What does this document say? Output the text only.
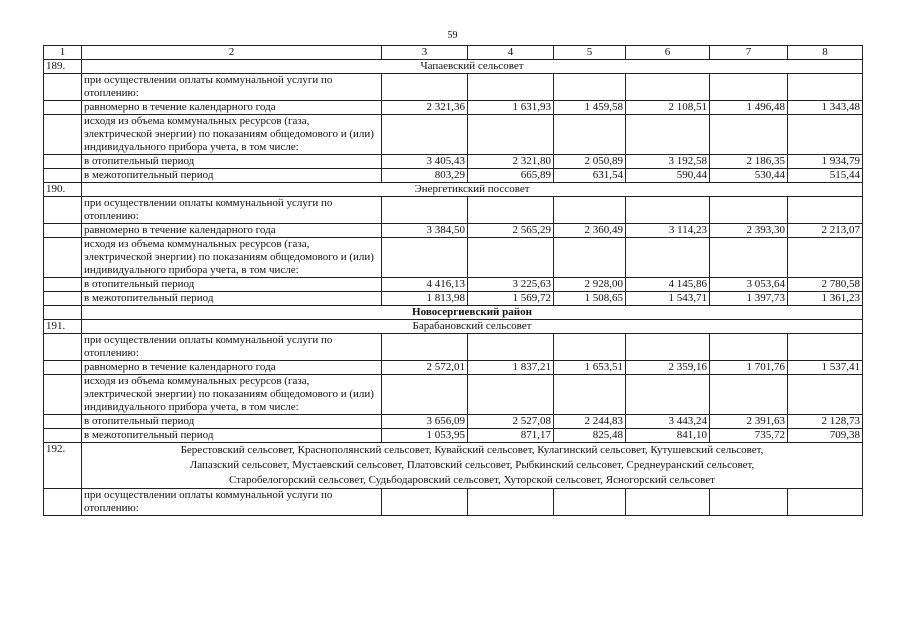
59
1	2	3	4	5	6	7	8
189.	Чапаевский сельсовет						
	при осуществлении оплаты коммунальной услуги по отоплению:						
	равномерно в течение календарного года	2 321,36	1 631,93	1 459,58	2 108,51	1 496,48	1 343,48
	исходя из объема коммунальных ресурсов (газа, электрической энергии) по показаниям общедомового и (или) индивидуального прибора учета, в том числе:						
	в отопительный период	3 405,43	2 321,80	2 050,89	3 192,58	2 186,35	1 934,79
	в межотопительный период	803,29	665,89	631,54	590,44	530,44	515,44
190.	Энергетикский поссовет						
	при осуществлении оплаты коммунальной услуги по отоплению:						
	равномерно в течение календарного года	3 384,50	2 565,29	2 360,49	3 114,23	2 393,30	2 213,07
	исходя из объема коммунальных ресурсов (газа, электрической энергии) по показаниям общедомового и (или) индивидуального прибора учета, в том числе:						
	в отопительный период	4 416,13	3 225,63	2 928,00	4 145,86	3 053,64	2 780,58
	в межотопительный период	1 813,98	1 569,72	1 508,65	1 543,71	1 397,73	1 361,23
	Новосергиевский район						
191.	Барабановский сельсовет						
	при осуществлении оплаты коммунальной услуги по отоплению:						
	равномерно в течение календарного года	2 572,01	1 837,21	1 653,51	2 359,16	1 701,76	1 537,41
	исходя из объема коммунальных ресурсов (газа, электрической энергии) по показаниям общедомового и (или) индивидуального прибора учета, в том числе:						
	в отопительный период	3 656,09	2 527,08	2 244,83	3 443,24	2 391,63	2 128,73
	в межотопительный период	1 053,95	871,17	825,48	841,10	735,72	709,38
192.	Берестовский сельсовет, Краснополянский сельсовет, Кувайский сельсовет, Кулагинский сельсовет, Кутушевский сельсовет,
Лапазский сельсовет, Мустаевский сельсовет, Платовский сельсовет, Рыбкинский сельсовет, Среднеуранский сельсовет,
Старобелогорский сельсовет, Судьбодаровский сельсовет, Хуторской сельсовет, Ясногорский сельсовет						

	при осуществлении оплаты коммунальной услуги по отоплению:						
